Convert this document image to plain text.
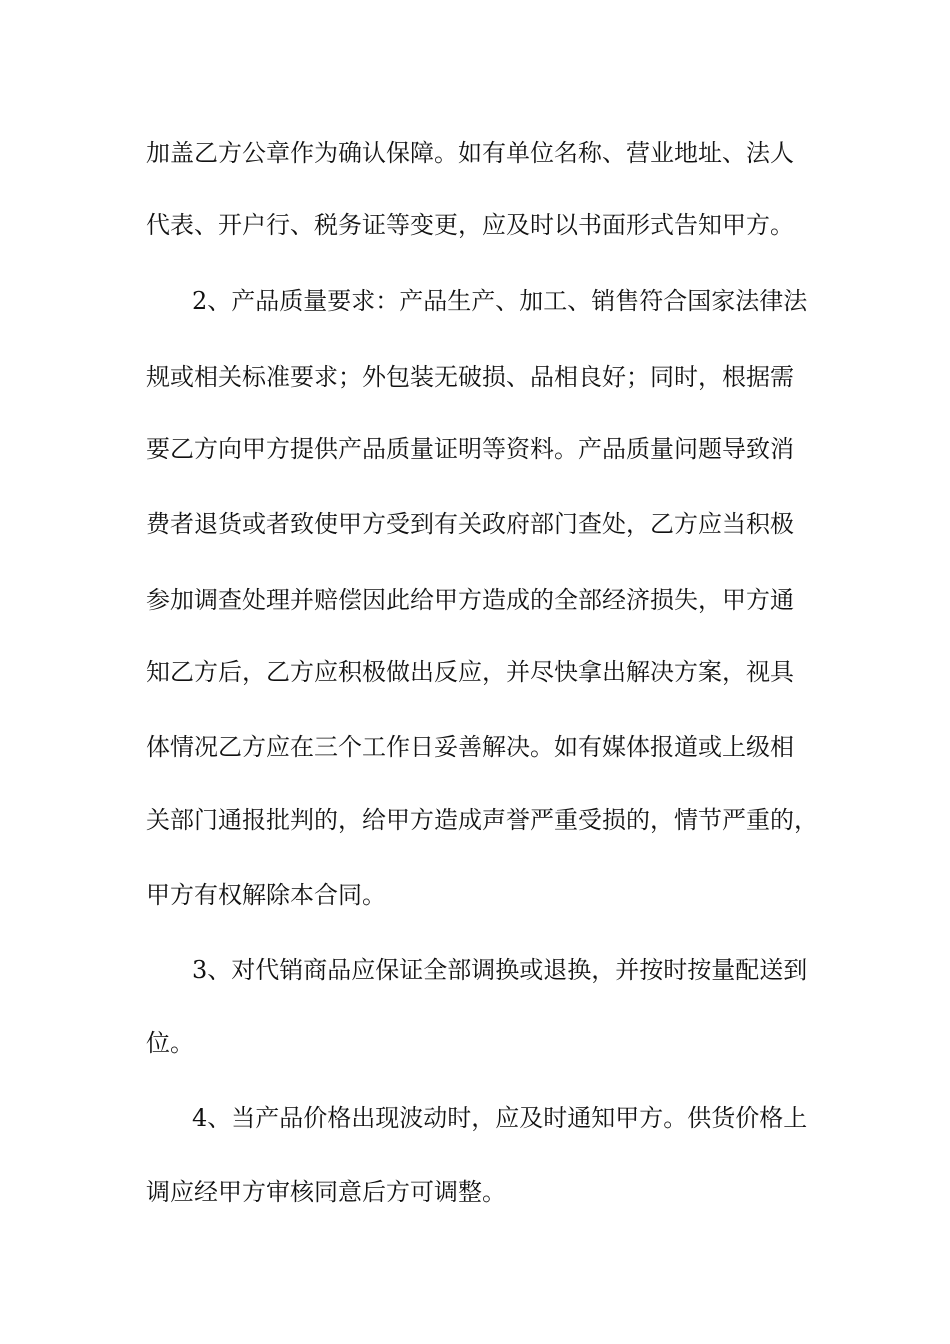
加盖乙方公章作为确认保障。如有单位名称、营业地址、法人
代表、开户行、税务证等变更，应及时以书面形式告知甲方。
2、产品质量要求：产品生产、加工、销售符合国家法律法
规或相关标准要求；外包装无破损、品相良好；同时，根据需
要乙方向甲方提供产品质量证明等资料。产品质量问题导致消
费者退货或者致使甲方受到有关政府部门查处，乙方应当积极
参加调查处理并赔偿因此给甲方造成的全部经济损失，甲方通
知乙方后，乙方应积极做出反应，并尽快拿出解决方案，视具
体情况乙方应在三个工作日妥善解决。如有媒体报道或上级相
关部门通报批判的，给甲方造成声誉严重受损的，情节严重的，
甲方有权解除本合同。
3、对代销商品应保证全部调换或退换，并按时按量配送到
位。
4、当产品价格出现波动时，应及时通知甲方。供货价格上
调应经甲方审核同意后方可调整。
